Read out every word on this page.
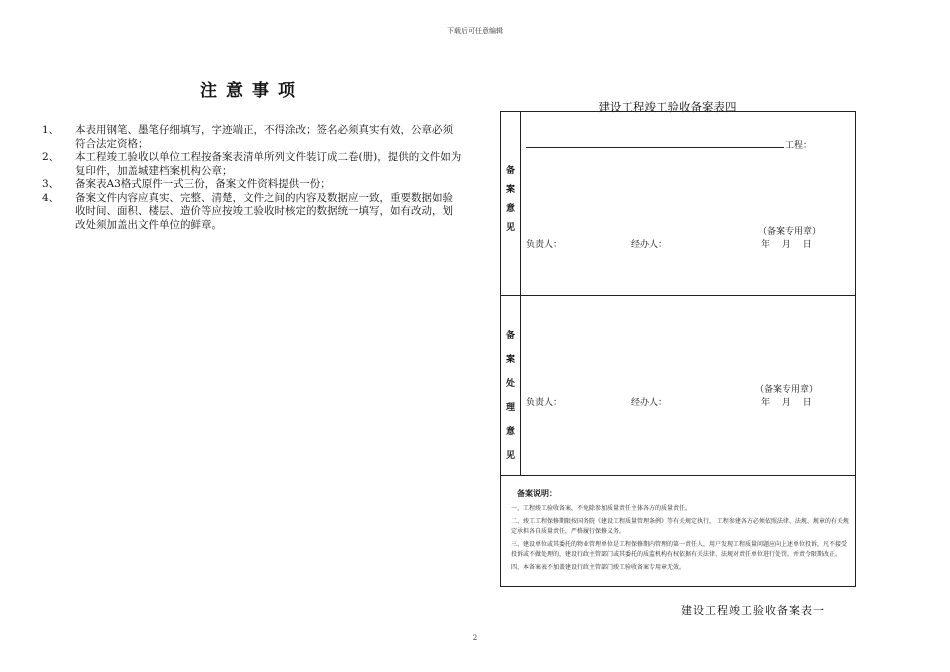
下载后可任意编辑
注意事项

1、 本表用钢笔、墨笔仔细填写，字迹端正，不得涂改；签名必须真实有效，公章必须符合法定资格；

2、 本工程竣工验收以单位工程按备案表清单所列文件装订成二卷(册)，提供的文件如为复印件，加盖城建档案机构公章；

3、 备案表A3格式原件一式三份，备案文件资料提供一份；

4、 备案文件内容应真实、完整、清楚，文件之间的内容及数据应一致，重要数据如验收时间、面积、楼层、造价等应按竣工验收时核定的数据统一填写，如有改动，划改处须加盖出文件单位的鲜章。

建设工程竣工验收备案表四
备
案
意
见
工程：
（备案专用章）
负责人：	经办人：	年　 月　 日
备
案
处
理
意
见
（备案专用章）
负责人：	经办人：	年　 月　 日
备案说明：

一、工程竣工验收备案，不免除参加质量责任主体各方的质量责任。

二、竣工工程保修期限按国务院《建设工程质量管理条例》等有关规定执行， 工程参建各方必须依照法律、法规、规章的有关规定承担各自质量责任，严格履行保修义务。

三、建设单位或其委托的物业管理单位是工程保修期内管理的第一责任人，用户发现工程质量问题应向上述单位投诉，凡不接受投诉或不做处理的，建设行政主管部门或其委托的质监机构有权依据有关法律、法规对责任单位进行处罚，并责令限期改正。

四、本备案表不加盖建设行政主管部门竣工验收备案专用章无效。

建设工程竣工验收备案表一
2
